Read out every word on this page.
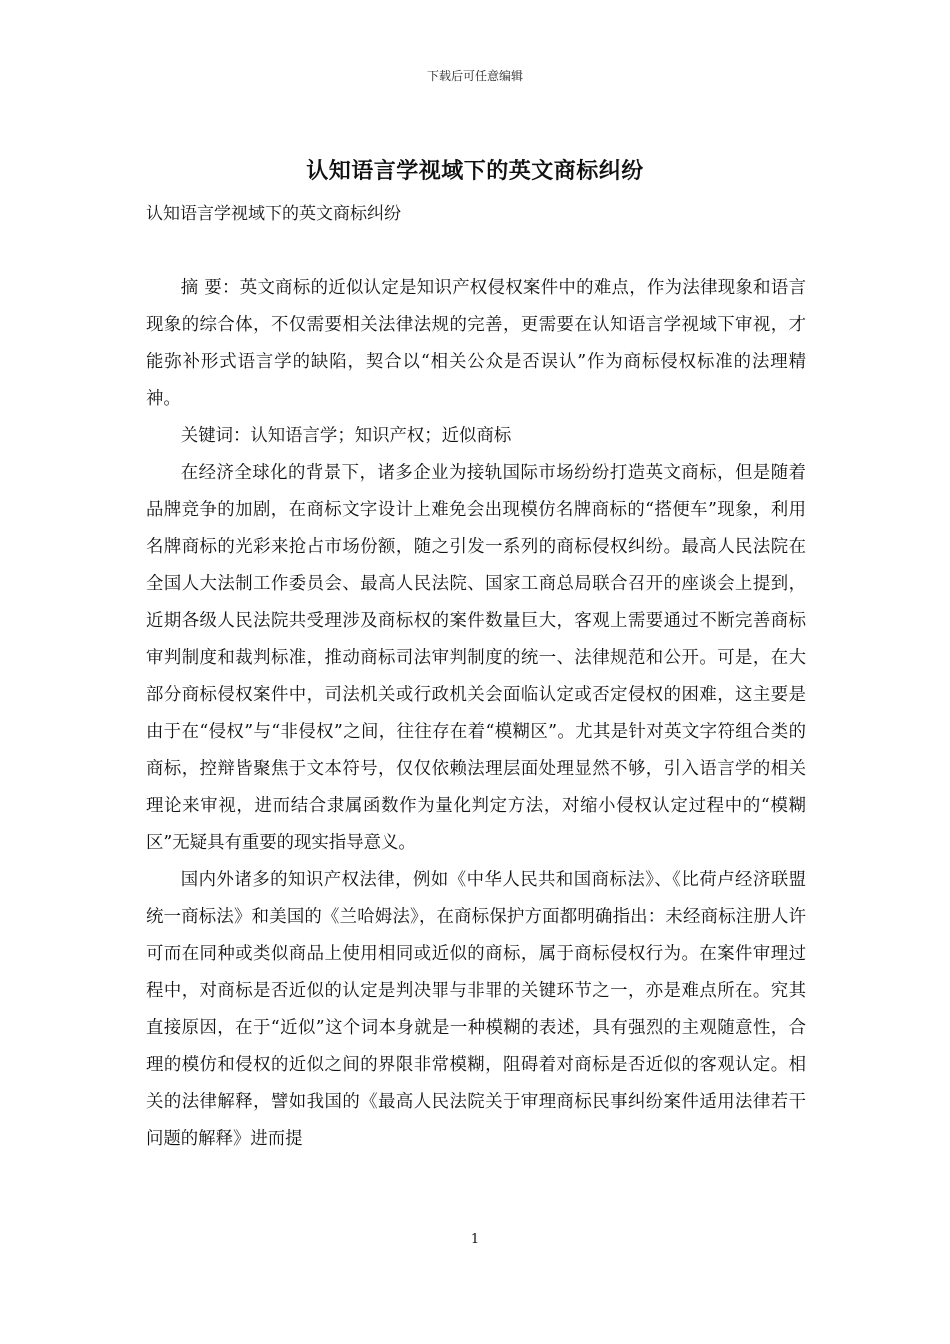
下载后可任意编辑
认知语言学视域下的英文商标纠纷
认知语言学视域下的英文商标纠纷

摘 要：英文商标的近似认定是知识产权侵权案件中的难点，作为法律现象和语言现象的综合体，不仅需要相关法律法规的完善，更需要在认知语言学视域下审视，才能弥补形式语言学的缺陷，契合以“相关公众是否误认”作为商标侵权标准的法理精神。

关键词：认知语言学；知识产权；近似商标

在经济全球化的背景下，诸多企业为接轨国际市场纷纷打造英文商标，但是随着品牌竞争的加剧，在商标文字设计上难免会出现模仿名牌商标的“搭便车”现象，利用名牌商标的光彩来抢占市场份额，随之引发一系列的商标侵权纠纷。最高人民法院在全国人大法制工作委员会、最高人民法院、国家工商总局联合召开的座谈会上提到，近期各级人民法院共受理涉及商标权的案件数量巨大，客观上需要通过不断完善商标审判制度和裁判标准，推动商标司法审判制度的统一、法律规范和公开。可是，在大部分商标侵权案件中，司法机关或行政机关会面临认定或否定侵权的困难，这主要是由于在“侵权”与“非侵权”之间，往往存在着“模糊区”。尤其是针对英文字符组合类的商标，控辩皆聚焦于文本符号，仅仅依赖法理层面处理显然不够，引入语言学的相关理论来审视，进而结合隶属函数作为量化判定方法，对缩小侵权认定过程中的“模糊区”无疑具有重要的现实指导意义。

国内外诸多的知识产权法律，例如《中华人民共和国商标法》、《比荷卢经济联盟统一商标法》和美国的《兰哈姆法》，在商标保护方面都明确指出：未经商标注册人许可而在同种或类似商品上使用相同或近似的商标，属于商标侵权行为。在案件审理过程中，对商标是否近似的认定是判决罪与非罪的关键环节之一，亦是难点所在。究其直接原因，在于“近似”这个词本身就是一种模糊的表述，具有强烈的主观随意性，合理的模仿和侵权的近似之间的界限非常模糊，阻碍着对商标是否近似的客观认定。相关的法律解释，譬如我国的《最高人民法院关于审理商标民事纠纷案件适用法律若干问题的解释》进而提

1
